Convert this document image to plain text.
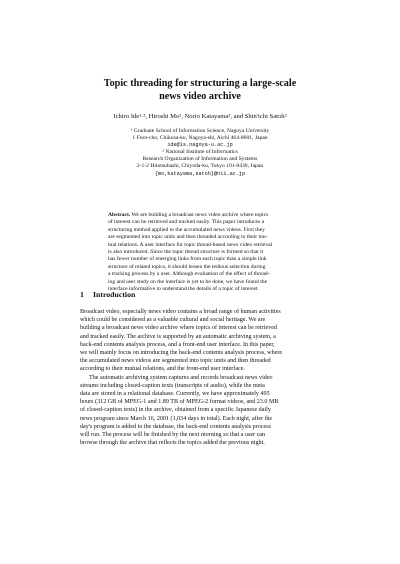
Topic threading for structuring a large-scale
news video archive
Ichiro Ide¹·², Hiroshi Mo², Norio Katayama², and Shin'ichi Satoh²
¹ Graduate School of Information Science, Nagoya University
1 Furo-cho, Chikusa-ku, Nagoya-shi, Aichi 464-8601, Japan
ide@is.nagoya-u.ac.jp
² National Institute of Informatics
Research Organization of Information and Systems
2-1-2 Hitotsubashi, Chiyoda-ku, Tokyo 101-8430, Japan
{mo,katayama,satoh}@nii.ac.jp
Abstract. We are building a broadcast news video archive where topics
of interest can be retrieved and tracked easily. This paper introduces a
structuring method applied to the accumulated news videos. First they
are segmented into topic units and then threaded according to their mu-
tual relations. A user interface for topic thread-based news video retrieval
is also introduced. Since the topic thread structure is formed so that it
has fewer number of emerging links from each topic than a simple link
structure of related topics, it should lessen the tedious selection during
a tracking process by a user. Although evaluation of the effect of thread-
ing and user study on the interface is yet to be done, we have found the
interface informative to understand the details of a topic of interest.
1 Introduction
Broadcast video, especially news video contains a broad range of human activities
which could be considered as a valuable cultural and social heritage. We are
building a broadcast news video archive where topics of interest can be retrieved
and tracked easily. The archive is supported by an automatic archiving system, a
back-end contents analysis process, and a front-end user interface. In this paper,
we will mainly focus on introducing the back-end contents analysis process, where
the accumulated news videos are segmented into topic units and then threaded
according to their mutual relations, and the front-end user interface.
The automatic archiving system captures and records broadcast news video
streams including closed-caption texts (transcripts of audio), while the meta
data are stored in a relational database. Currently, we have approximately 495
hours (312 GB of MPEG-1 and 1.89 TB of MPEG-2 format videos, and 23.0 MB
of closed-caption texts) in the archive, obtained from a specific Japanese daily
news program since March 16, 2001 (1,034 days in total). Each night, after the
day's program is added to the database, the back-end contents analysis process
will run. The process will be finished by the next morning so that a user can
browse through the archive that reflects the topics added the previous night.
